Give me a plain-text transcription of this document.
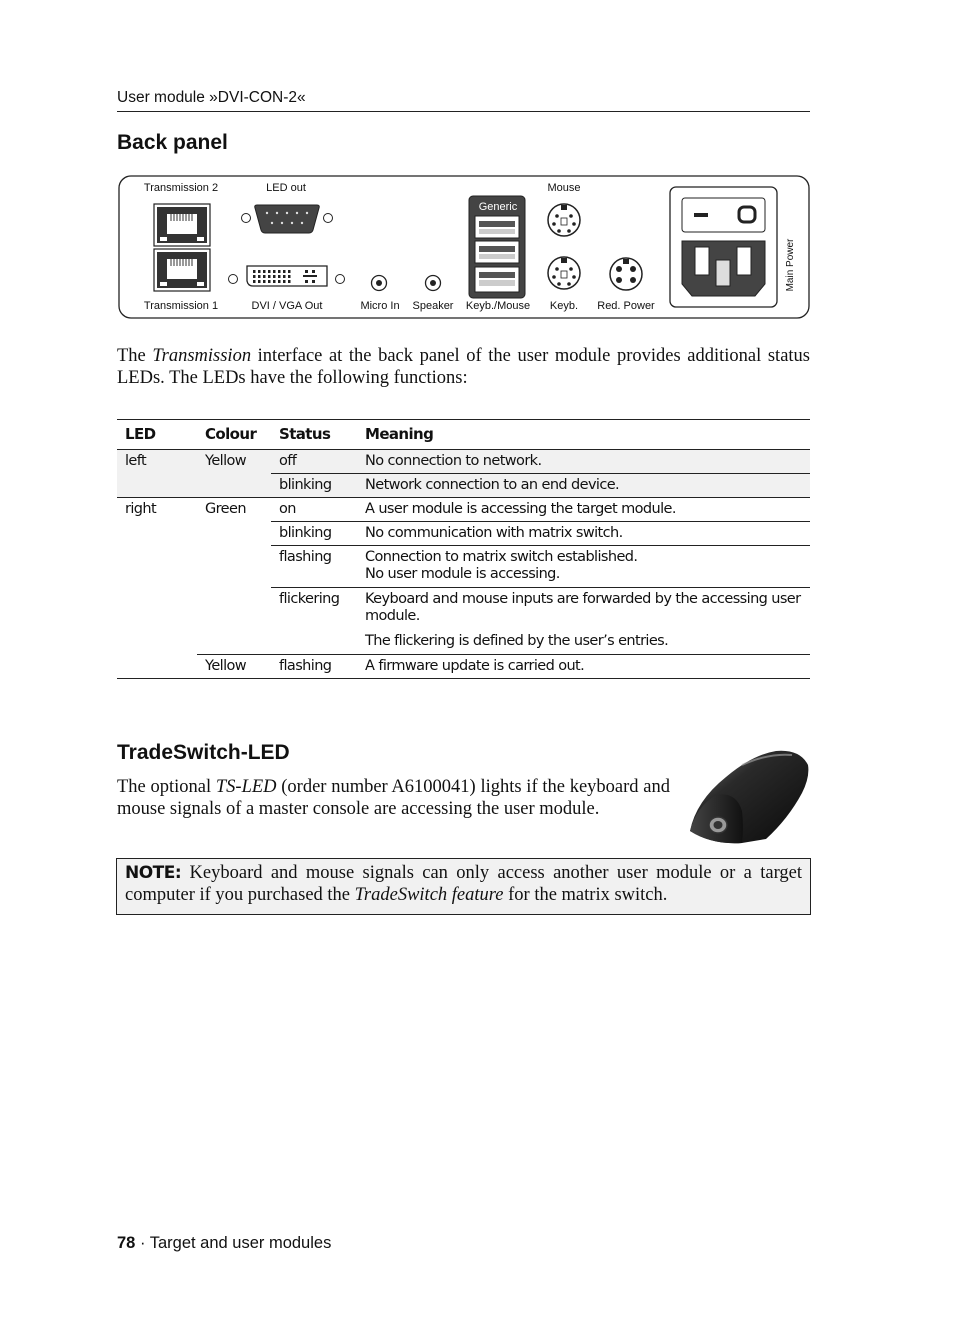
User module »DVI-CON-2«
Back panel
Transmission 2
Transmission 1
LED out
DVI / VGA Out	Micro In Speaker
Generic
Keyb./Mouse
Mouse
Keyb. Red. Power
Main Power

The Transmission interface at the back panel of the user module provides additional status LEDs. The LEDs have the following functions:

LED	Colour	Status	Meaning
left	Yellow	off	No connection to network.
		blinking	Network connection to an end device.
right	Green	on	A user module is accessing the target module.
		blinking	No communication with matrix switch.
		flashing	Connection to matrix switch established.
No user module is accessing.

		flickering	Keyboard and mouse inputs are forwarded by the accessing user module.
The flickering is defined by the user’s entries.

	Yellow	flashing	A firmware update is carried out.
TradeSwitch-LED

The optional TS-LED (order number A6100041) lights if the keyboard and mouse signals of a master console are accessing the user module.

NOTE: Keyboard and mouse signals can only access another user module or a target computer if you purchased the TradeSwitch feature for the matrix switch.
78 · Target and user modules
